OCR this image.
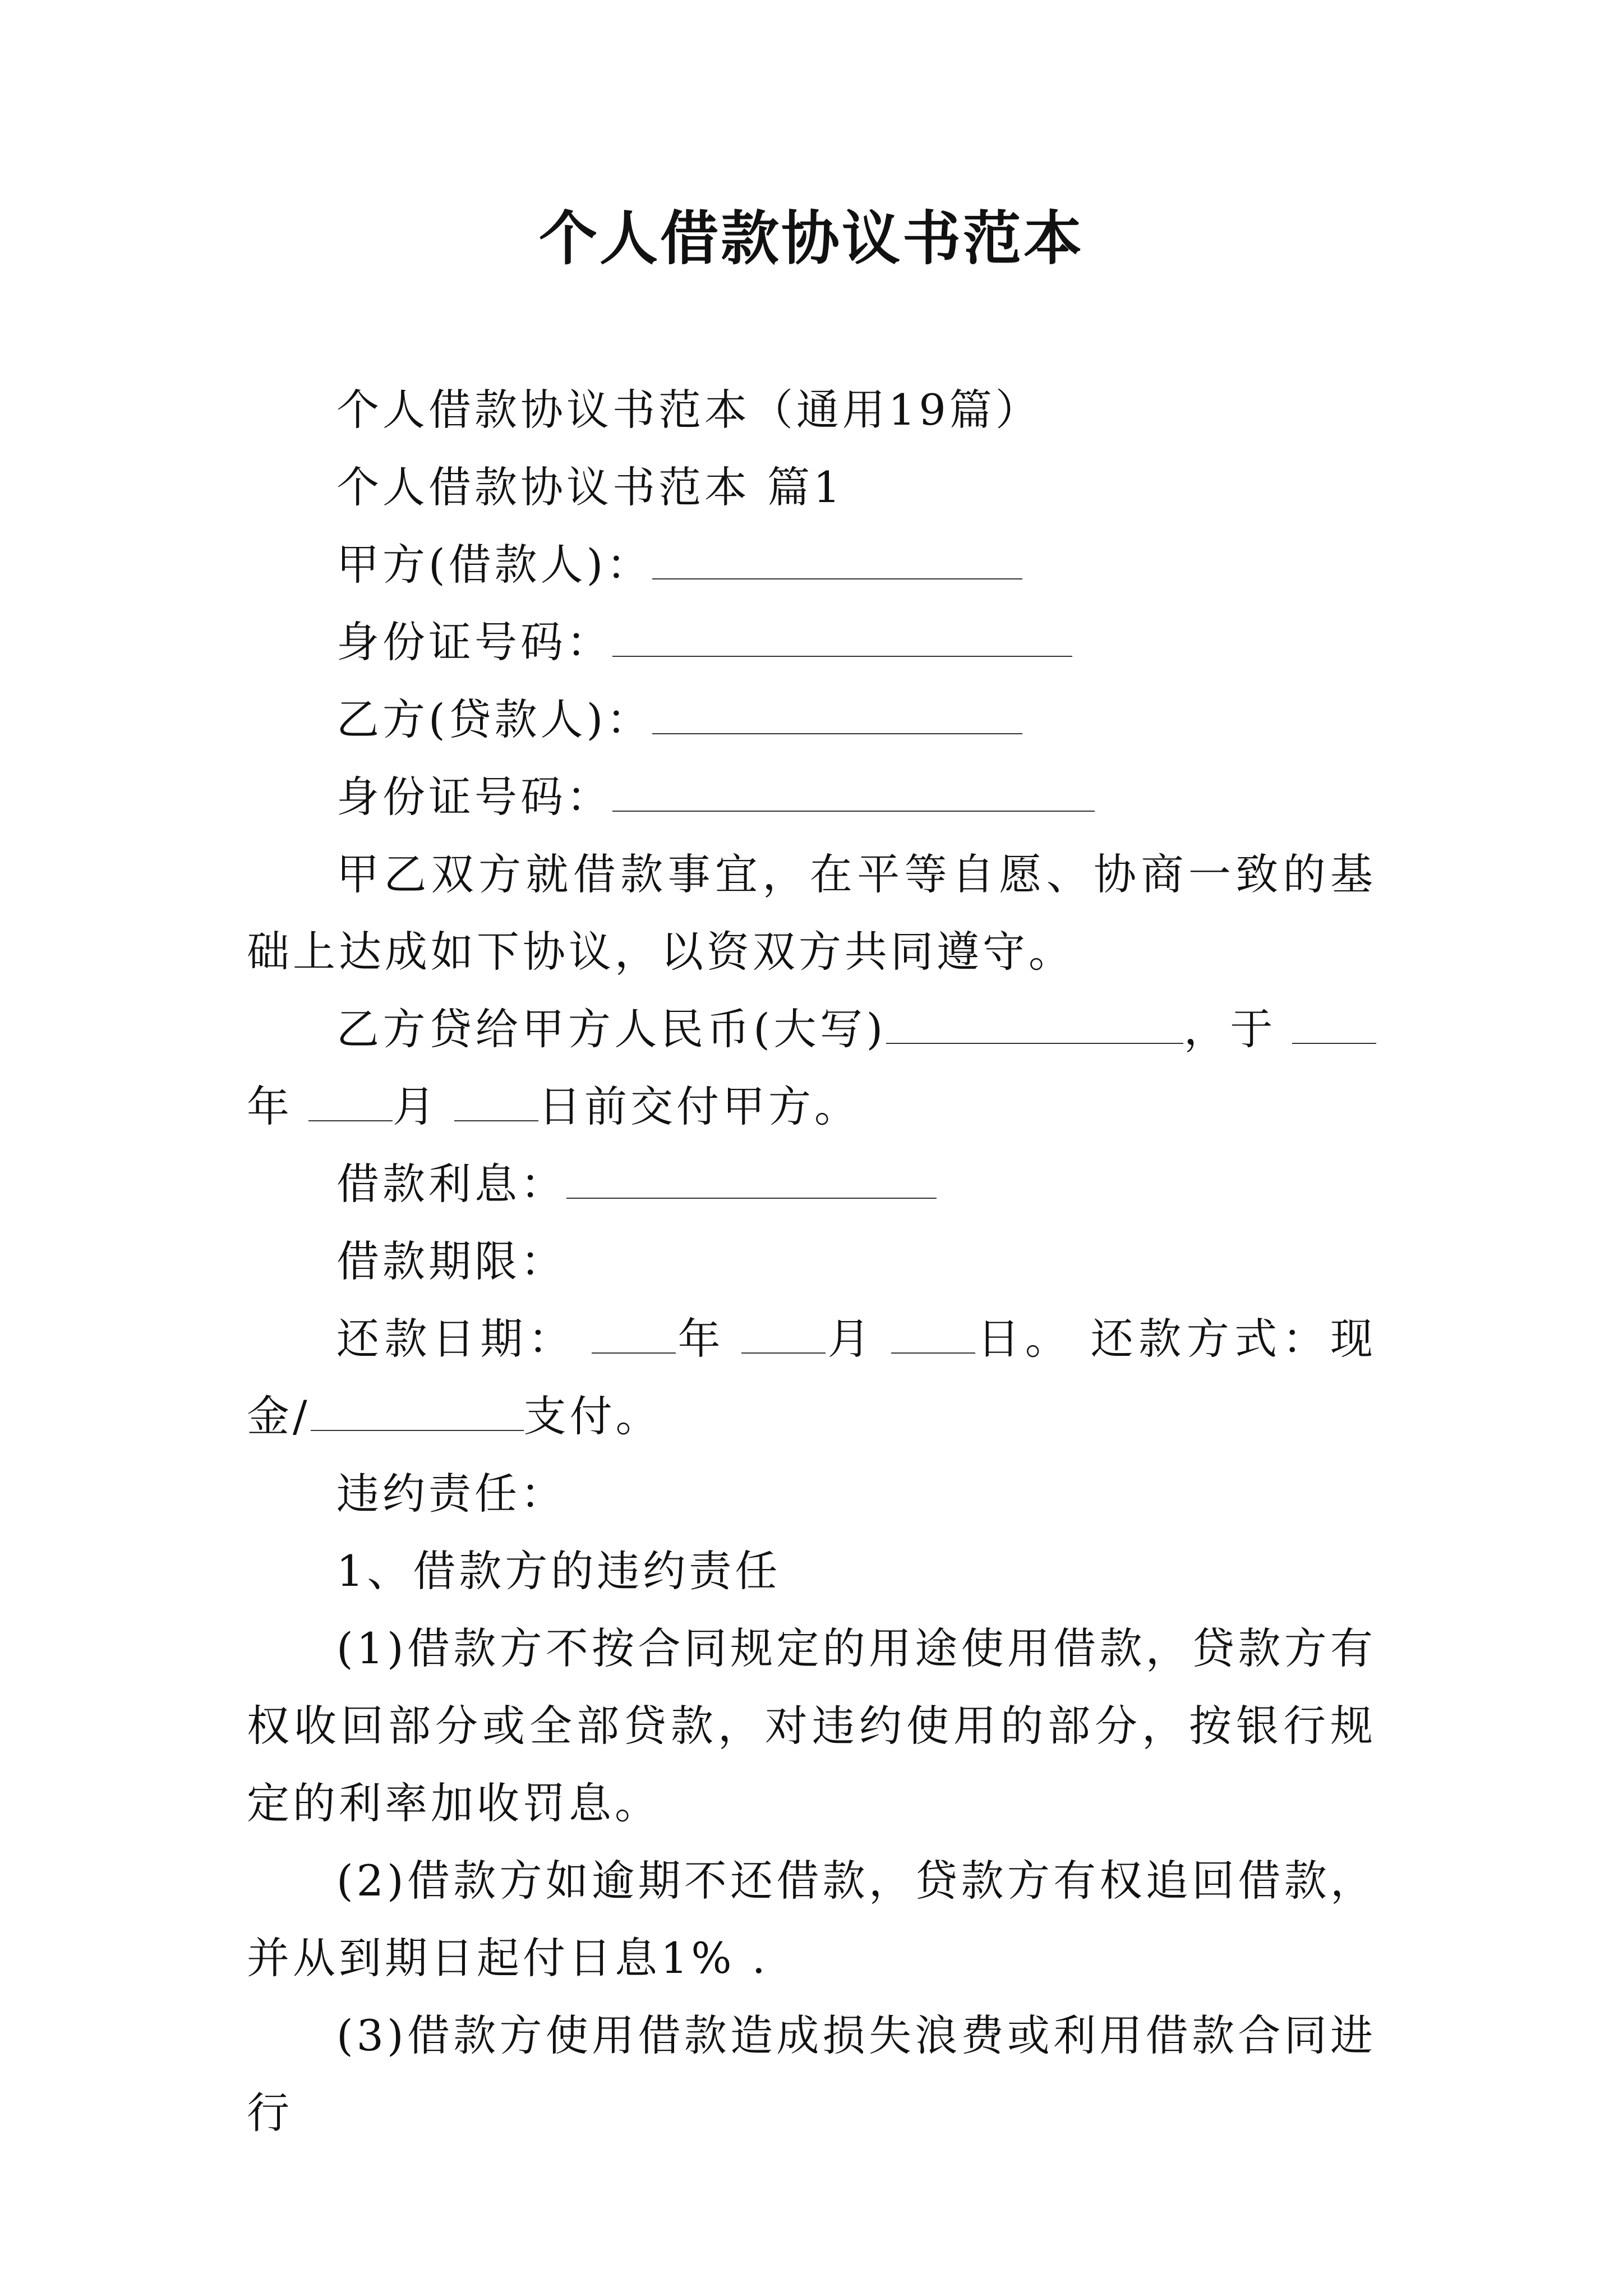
个人借款协议书范本

个人借款协议书范本（通用19篇）

个人借款协议书范本 篇1

甲方(借款人)：

身份证号码：

乙方(贷款人)：

身份证号码：

甲乙双方就借款事宜，在平等自愿、协商一致的基础上达成如下协议，以资双方共同遵守。

乙方贷给甲方人民币(大写)	，于年 月 日前交付甲方。

借款利息：

借款期限：

还款日期： 年 月 日。 还款方式：现金/	支付。

违约责任：

1、借款方的违约责任

(1)借款方不按合同规定的用途使用借款，贷款方有权收回部分或全部贷款，对违约使用的部分，按银行规定的利率加收罚息。

(2)借款方如逾期不还借款，贷款方有权追回借款，并从到期日起付日息1% .

(3)借款方使用借款造成损失浪费或利用借款合同进行
